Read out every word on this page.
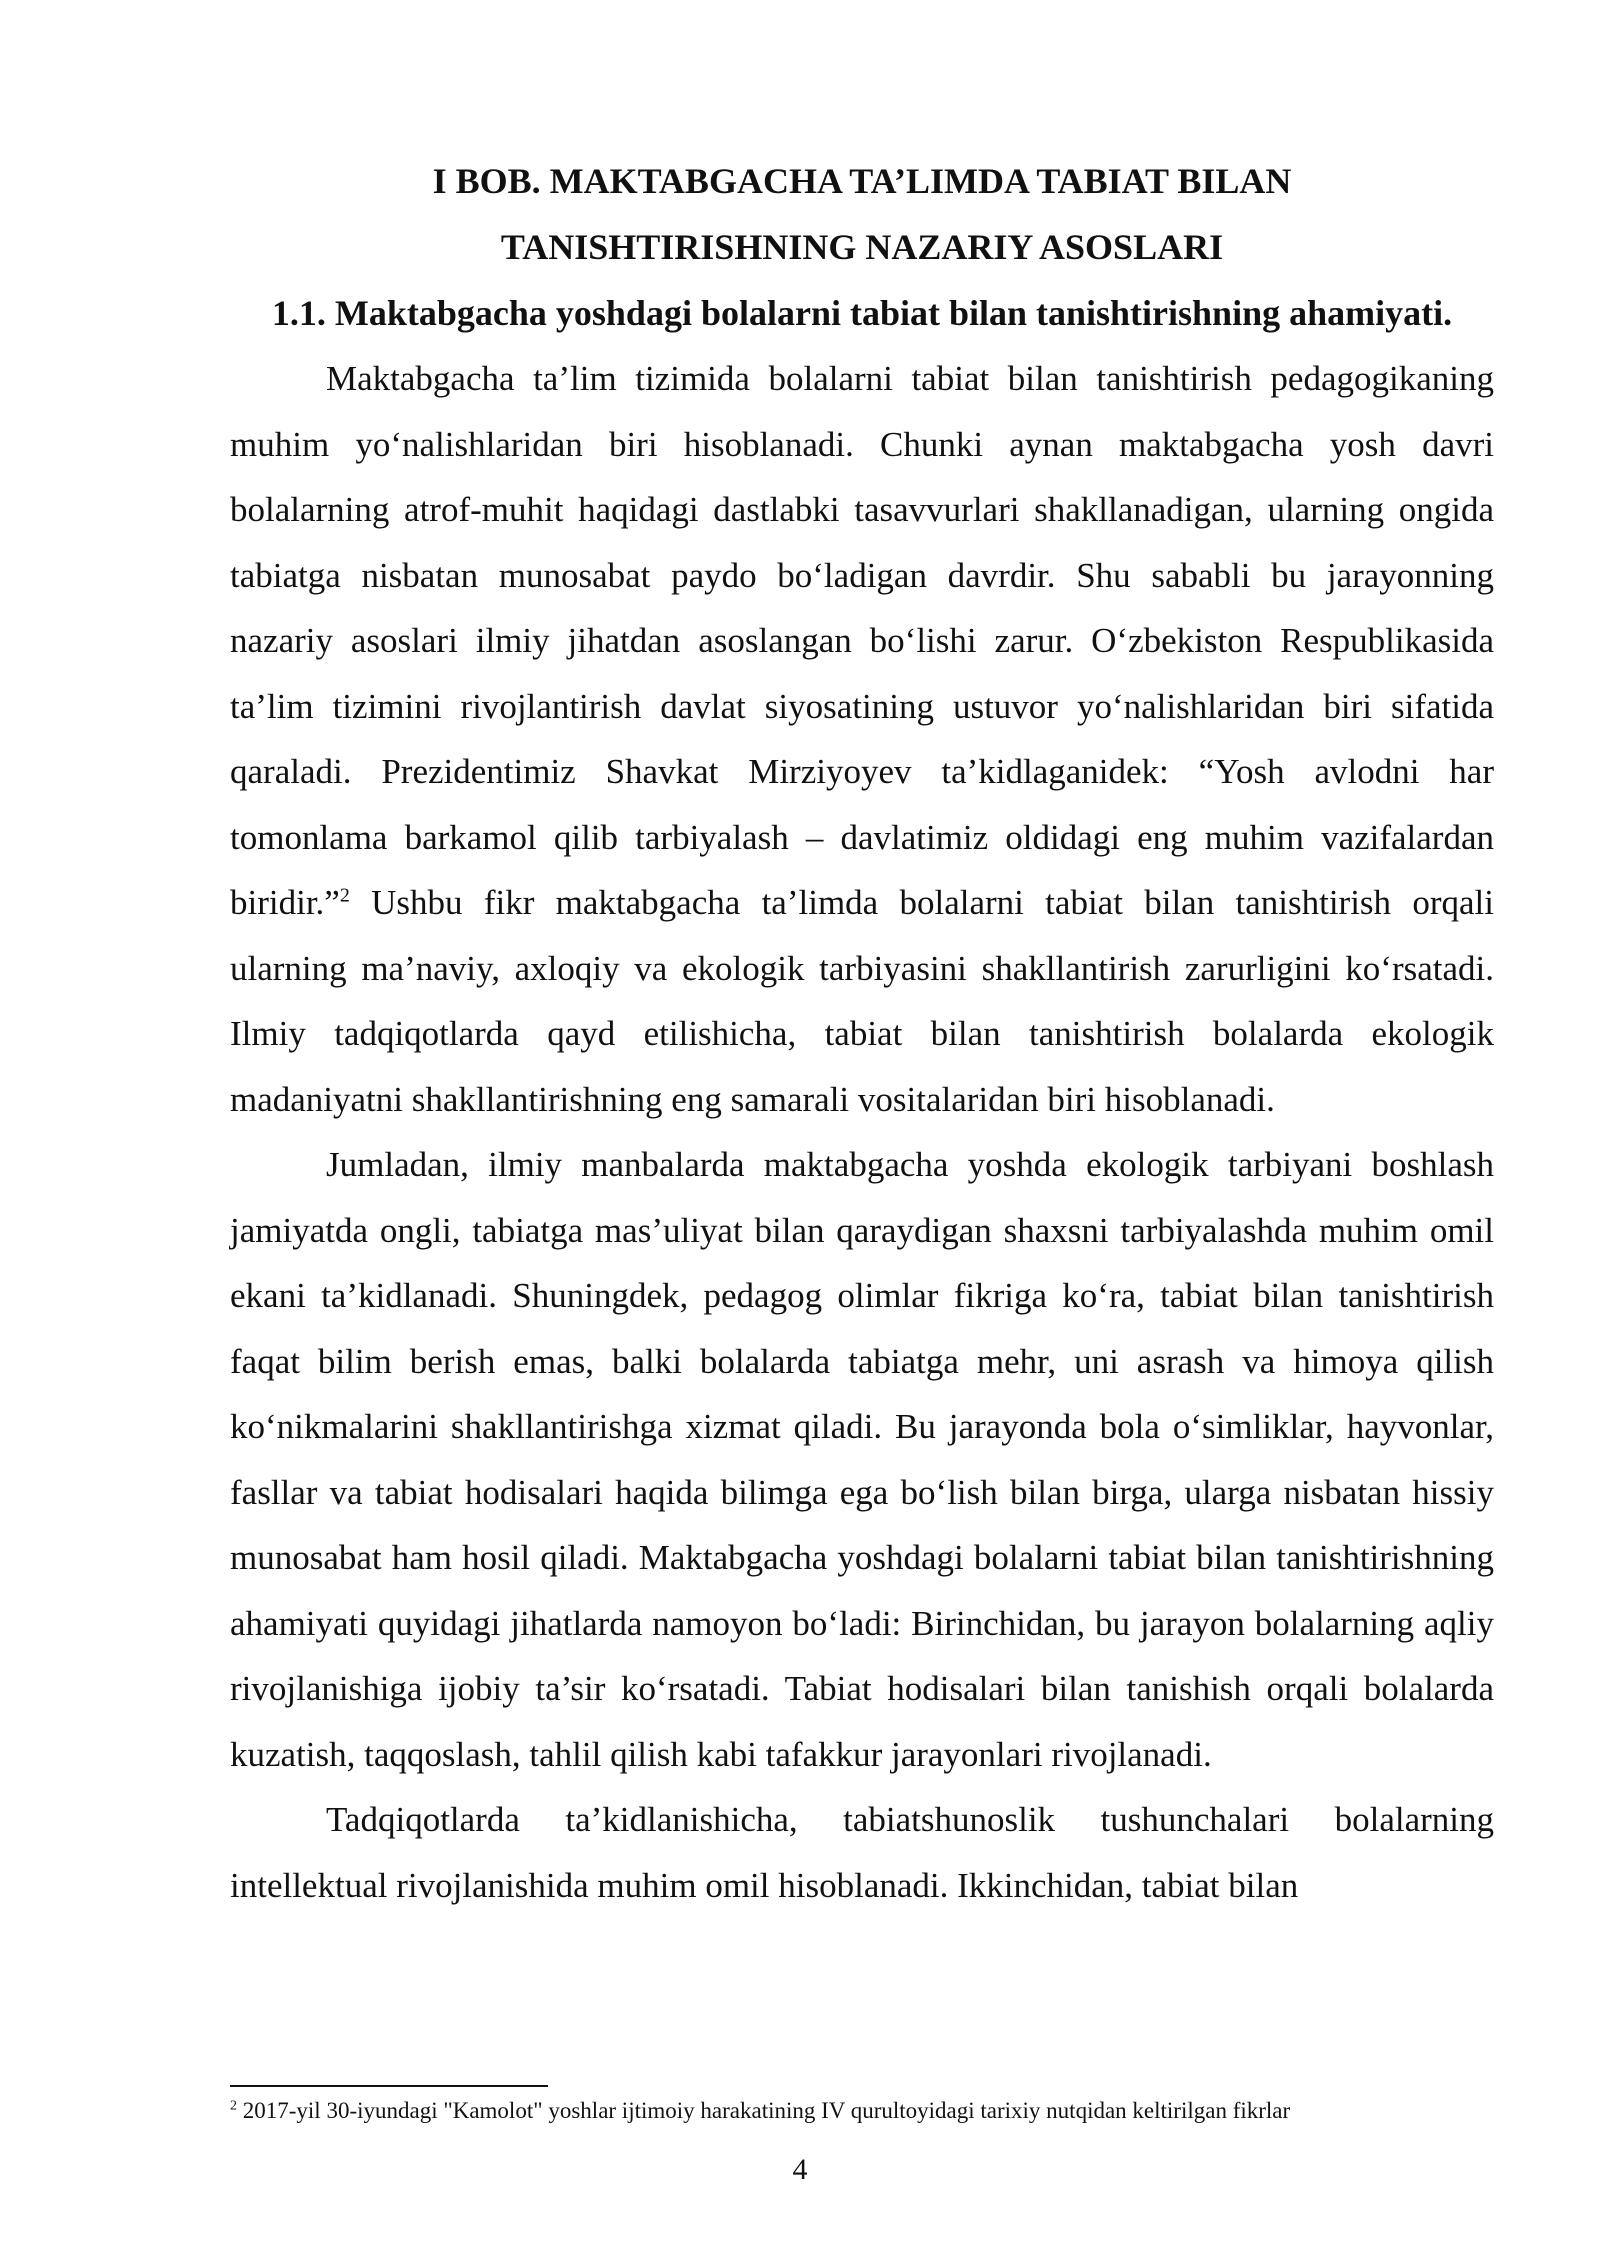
I BOB. MAKTABGACHA TA’LIMDA TABIAT BILAN
TANISHTIRISHNING NAZARIY ASOSLARI
1.1. Maktabgacha yoshdagi bolalarni tabiat bilan tanishtirishning ahamiyati.

Maktabgacha ta’lim tizimida bolalarni tabiat bilan tanishtirish pedagogikaning muhim yo‘nalishlaridan biri hisoblanadi. Chunki aynan maktabgacha yosh davri bolalarning atrof-muhit haqidagi dastlabki tasavvurlari shakllanadigan, ularning ongida tabiatga nisbatan munosabat paydo bo‘ladigan davrdir. Shu sababli bu jarayonning nazariy asoslari ilmiy jihatdan asoslangan bo‘lishi zarur. O‘zbekiston Respublikasida ta’lim tizimini rivojlantirish davlat siyosatining ustuvor yo‘nalishlaridan biri sifatida qaraladi. Prezidentimiz Shavkat Mirziyoyev ta’kidlaganidek: “Yosh avlodni har tomonlama barkamol qilib tarbiyalash – davlatimiz oldidagi eng muhim vazifalardan biridir.”$^2$ Ushbu fikr maktabgacha ta’limda bolalarni tabiat bilan tanishtirish orqali ularning ma’naviy, axloqiy va ekologik tarbiyasini shakllantirish zarurligini ko‘rsatadi. Ilmiy tadqiqotlarda qayd etilishicha, tabiat bilan tanishtirish bolalarda ekologik madaniyatni shakllantirishning eng samarali vositalaridan biri hisoblanadi.

Jumladan, ilmiy manbalarda maktabgacha yoshda ekologik tarbiyani boshlash jamiyatda ongli, tabiatga mas’uliyat bilan qaraydigan shaxsni tarbiyalashda muhim omil ekani ta’kidlanadi. Shuningdek, pedagog olimlar fikriga ko‘ra, tabiat bilan tanishtirish faqat bilim berish emas, balki bolalarda tabiatga mehr, uni asrash va himoya qilish ko‘nikmalarini shakllantirishga xizmat qiladi. Bu jarayonda bola o‘simliklar, hayvonlar, fasllar va tabiat hodisalari haqida bilimga ega bo‘lish bilan birga, ularga nisbatan hissiy munosabat ham hosil qiladi. Maktabgacha yoshdagi bolalarni tabiat bilan tanishtirishning ahamiyati quyidagi jihatlarda namoyon bo‘ladi: Birinchidan, bu jarayon bolalarning aqliy rivojlanishiga ijobiy ta’sir ko‘rsatadi. Tabiat hodisalari bilan tanishish orqali bolalarda kuzatish, taqqoslash, tahlil qilish kabi tafakkur jarayonlari rivojlanadi.

Tadqiqotlarda ta’kidlanishicha, tabiatshunoslik tushunchalari bolalarning intellektual rivojlanishida muhim omil hisoblanadi. Ikkinchidan, tabiat bilan

$^2$ 2017-yil 30-iyundagi "Kamolot" yoshlar ijtimoiy harakatining IV qurultoyidagi tarixiy nutqidan keltirilgan fikrlar
4
